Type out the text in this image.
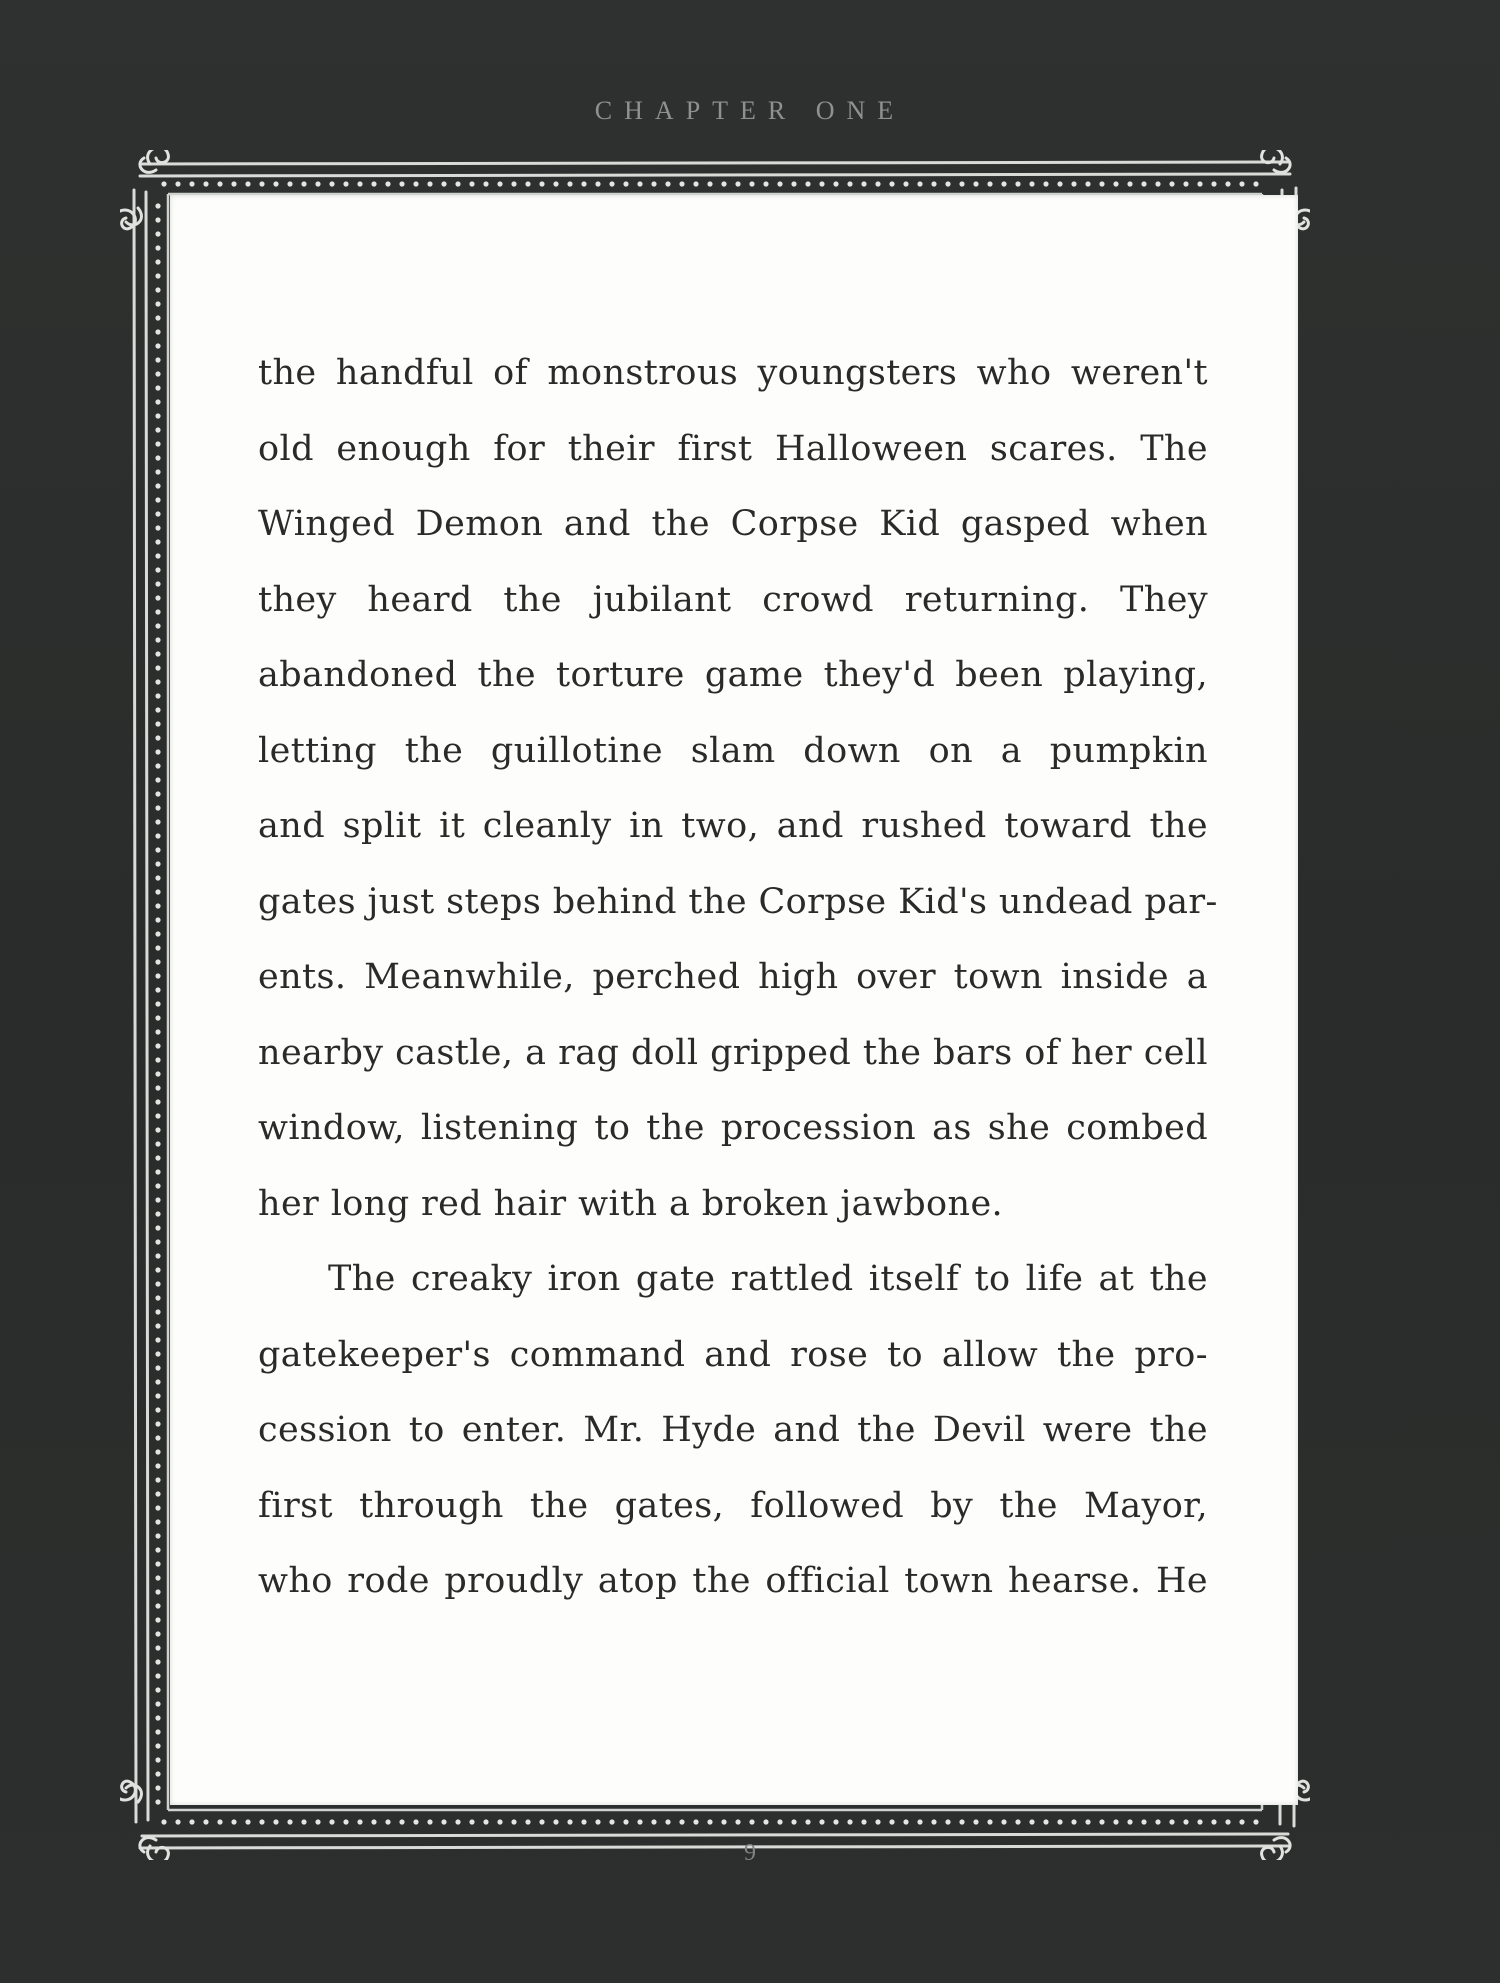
CHAPTER ONE
the handful of monstrous youngsters who weren't
old enough for their first Halloween scares. The
Winged Demon and the Corpse Kid gasped when
they heard the jubilant crowd returning. They
abandoned the torture game they'd been playing,
letting the guillotine slam down on a pumpkin
and split it cleanly in two, and rushed toward the
gates just steps behind the Corpse Kid's undead par-
ents. Meanwhile, perched high over town inside a
nearby castle, a rag doll gripped the bars of her cell
window, listening to the procession as she combed
her long red hair with a broken jawbone.
The creaky iron gate rattled itself to life at the
gatekeeper's command and rose to allow the pro-
cession to enter. Mr. Hyde and the Devil were the
first through the gates, followed by the Mayor,
who rode proudly atop the official town hearse. He
9
